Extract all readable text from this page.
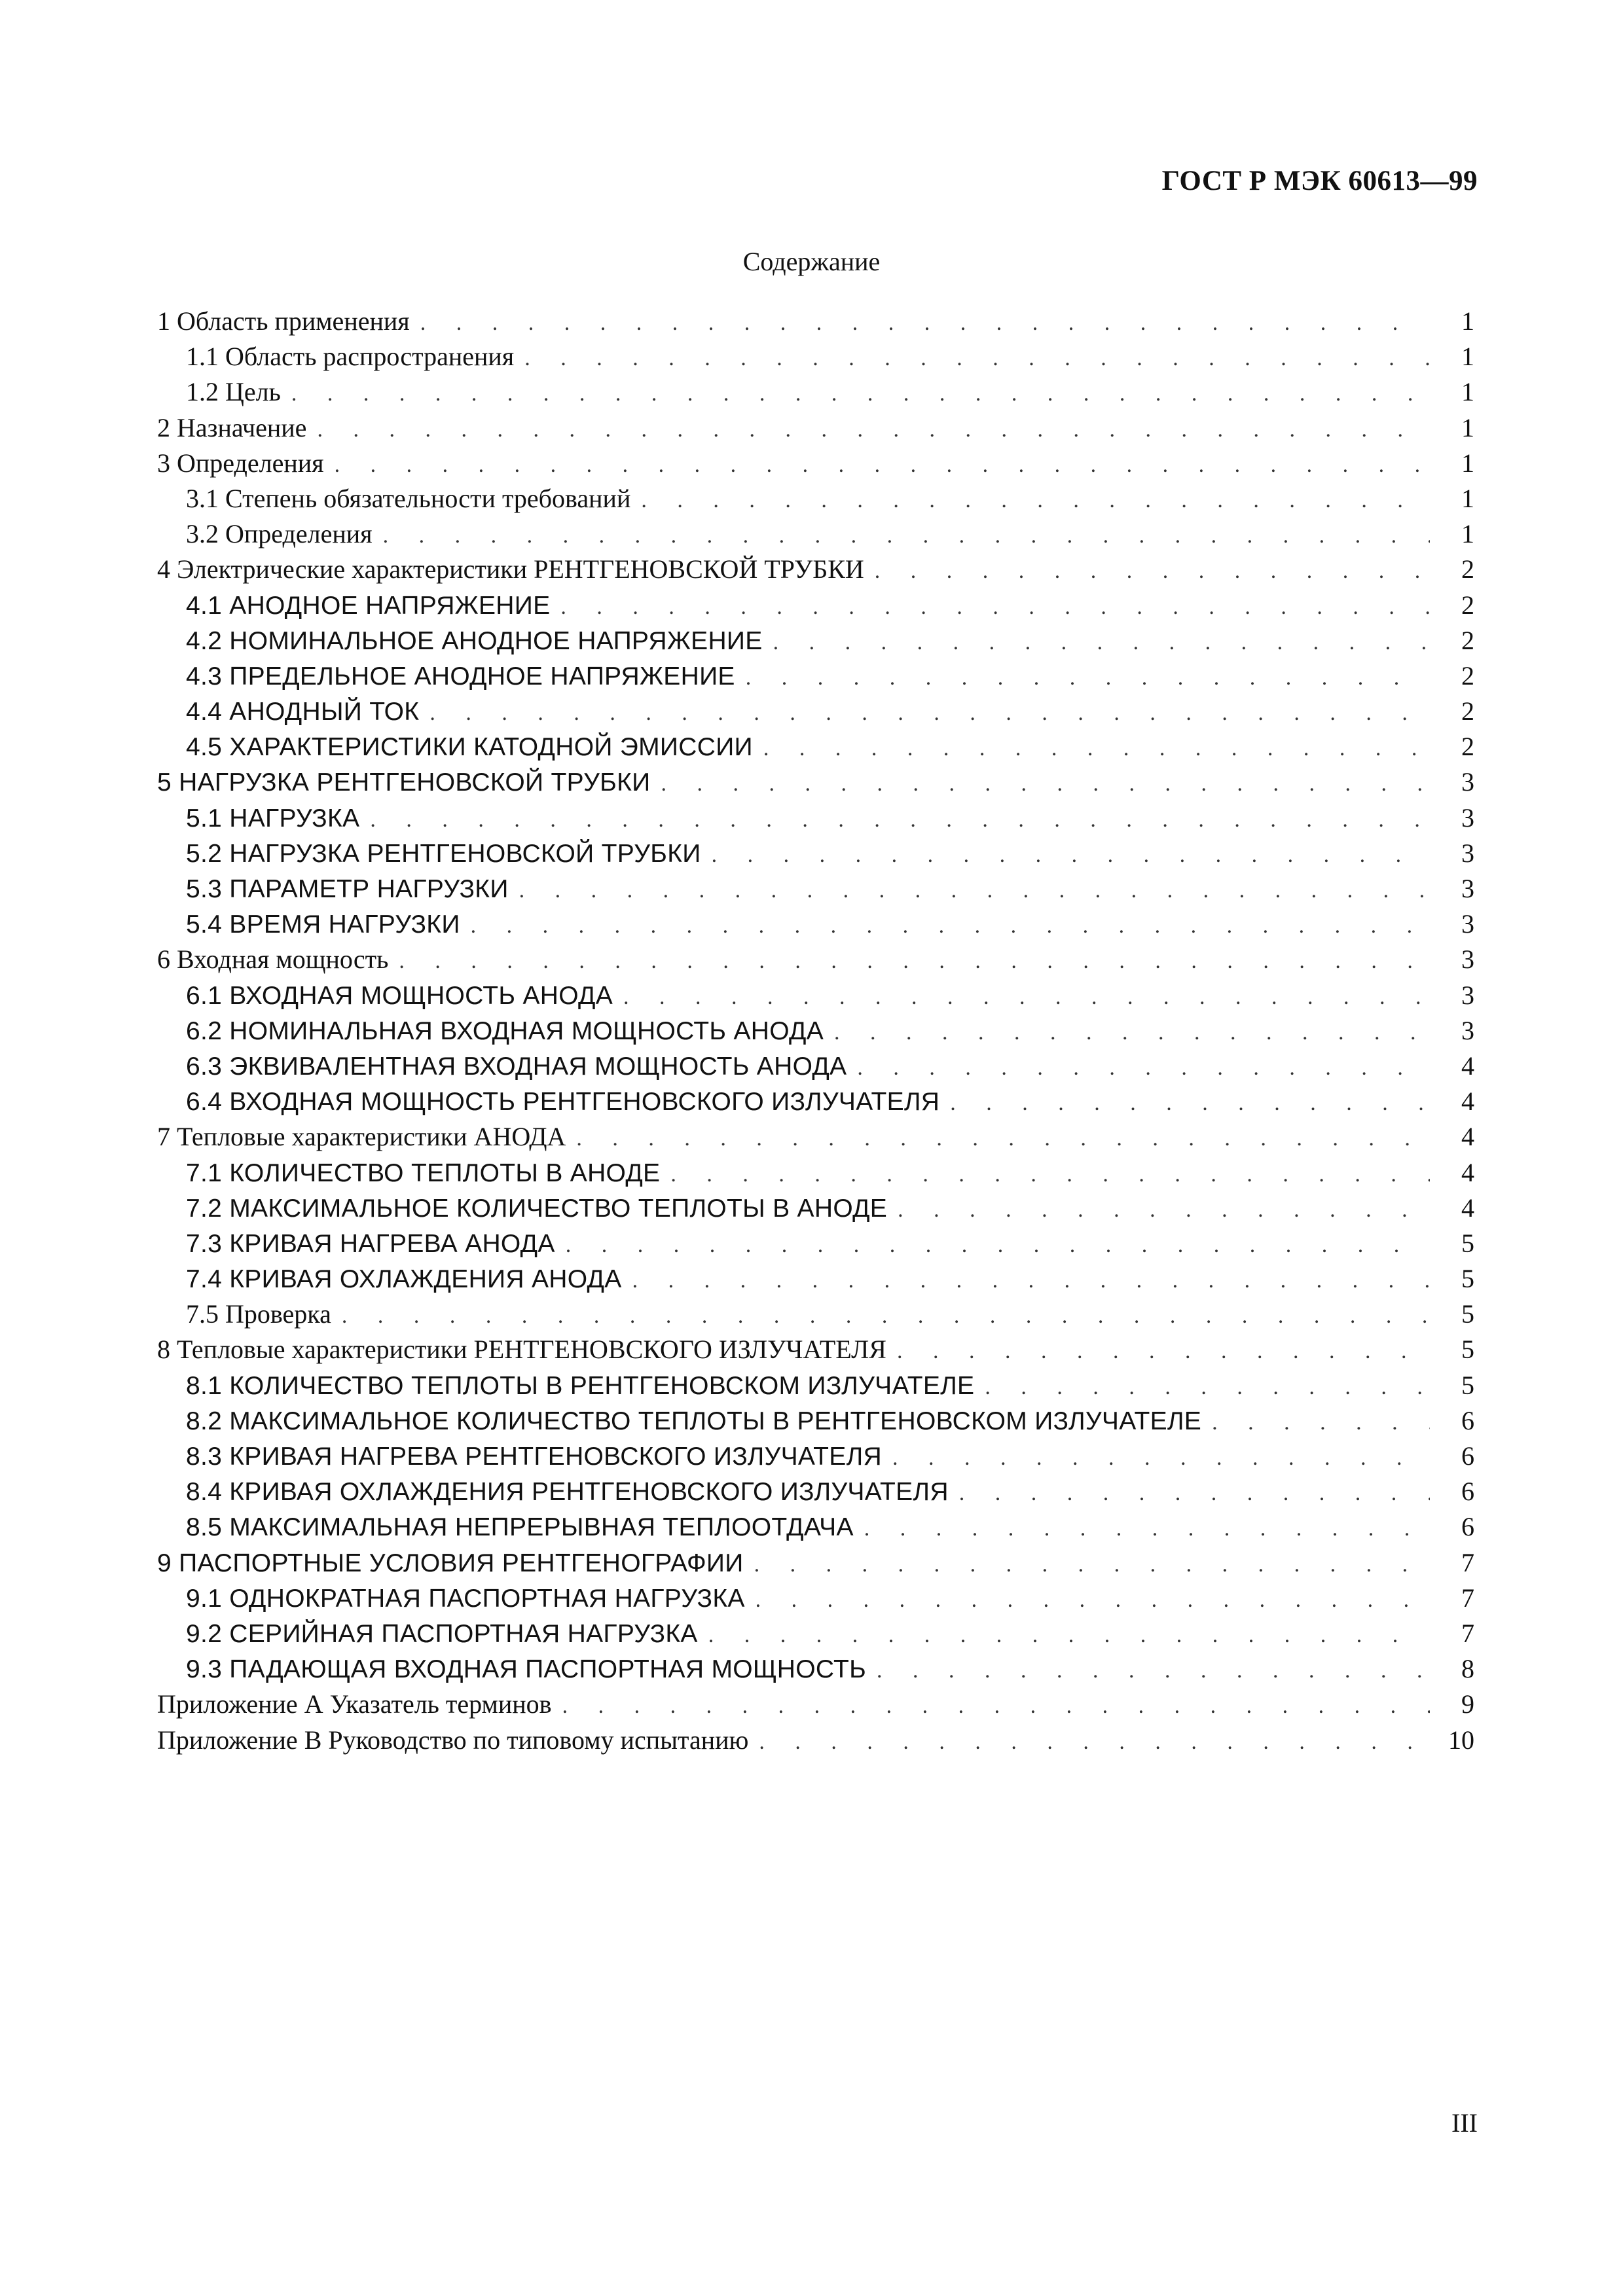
ГОСТ Р МЭК 60613—99
Содержание
1 Область применения . . .	1
1.1 Область распространения . . .	1
1.2 Цель . . .	1
2 Назначение . . .	1
3 Определения . . .	1
3.1 Степень обязательности требований . . .	1
3.2 Определения . . .	1
4 Электрические характеристики РЕНТГЕНОВСКОЙ ТРУБКИ . . .	2
4.1 АНОДНОЕ НАПРЯЖЕНИЕ . . .	2
4.2 НОМИНАЛЬНОЕ АНОДНОЕ НАПРЯЖЕНИЕ . . .	2
4.3 ПРЕДЕЛЬНОЕ АНОДНОЕ НАПРЯЖЕНИЕ . . .	2
4.4 АНОДНЫЙ ТОК . . .	2
4.5 ХАРАКТЕРИСТИКИ КАТОДНОЙ ЭМИССИИ . . .	2
5 НАГРУЗКА РЕНТГЕНОВСКОЙ ТРУБКИ . . .	3
5.1 НАГРУЗКА . . .	3
5.2 НАГРУЗКА РЕНТГЕНОВСКОЙ ТРУБКИ . . .	3
5.3 ПАРАМЕТР НАГРУЗКИ . . .	3
5.4 ВРЕМЯ НАГРУЗКИ . . .	3
6 Входная мощность . . .	3
6.1 ВХОДНАЯ МОЩНОСТЬ АНОДА . . .	3
6.2 НОМИНАЛЬНАЯ ВХОДНАЯ МОЩНОСТЬ АНОДА . . .	3
6.3 ЭКВИВАЛЕНТНАЯ ВХОДНАЯ МОЩНОСТЬ АНОДА . . .	4
6.4 ВХОДНАЯ МОЩНОСТЬ РЕНТГЕНОВСКОГО ИЗЛУЧАТЕЛЯ . . .	4
7 Тепловые характеристики АНОДА . . .	4
7.1 КОЛИЧЕСТВО ТЕПЛОТЫ В АНОДЕ . . .	4
7.2 МАКСИМАЛЬНОЕ КОЛИЧЕСТВО ТЕПЛОТЫ В АНОДЕ . . .	4
7.3 КРИВАЯ НАГРЕВА АНОДА . . .	5
7.4 КРИВАЯ ОХЛАЖДЕНИЯ АНОДА . . .	5
7.5 Проверка . . .	5
8 Тепловые характеристики РЕНТГЕНОВСКОГО ИЗЛУЧАТЕЛЯ . . .	5
8.1 КОЛИЧЕСТВО ТЕПЛОТЫ В РЕНТГЕНОВСКОМ ИЗЛУЧАТЕЛЕ . . .	5
8.2 МАКСИМАЛЬНОЕ КОЛИЧЕСТВО ТЕПЛОТЫ В РЕНТГЕНОВСКОМ ИЗЛУЧАТЕЛЕ . . .	6
8.3 КРИВАЯ НАГРЕВА РЕНТГЕНОВСКОГО ИЗЛУЧАТЕЛЯ . . .	6
8.4 КРИВАЯ ОХЛАЖДЕНИЯ РЕНТГЕНОВСКОГО ИЗЛУЧАТЕЛЯ . . .	6
8.5 МАКСИМАЛЬНАЯ НЕПРЕРЫВНАЯ ТЕПЛООТДАЧА . . .	6
9 ПАСПОРТНЫЕ УСЛОВИЯ РЕНТГЕНОГРАФИИ . . .	7
9.1 ОДНОКРАТНАЯ ПАСПОРТНАЯ НАГРУЗКА . . .	7
9.2 СЕРИЙНАЯ ПАСПОРТНАЯ НАГРУЗКА . . .	7
9.3 ПАДАЮЩАЯ ВХОДНАЯ ПАСПОРТНАЯ МОЩНОСТЬ . . .	8
Приложение А Указатель терминов . . .	9
Приложение В Руководство по типовому испытанию . . .	10
III
